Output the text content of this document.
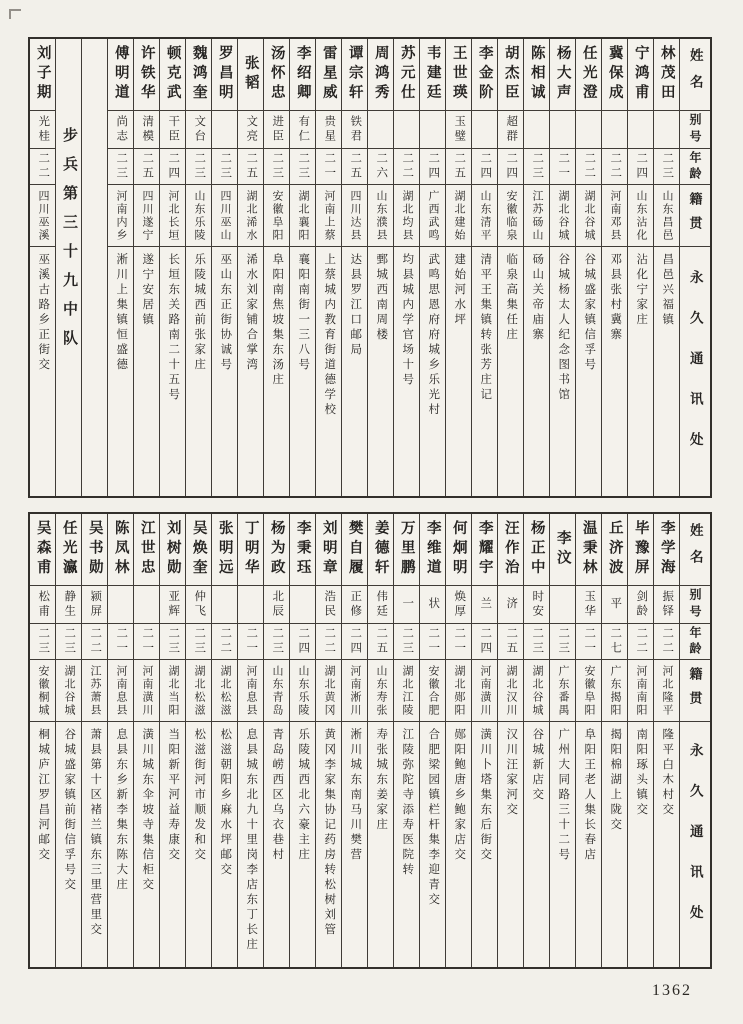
姓名
别号
年龄
籍贯
永久通讯处
林茂田
二三
山东昌邑
昌邑兴福镇
宁鸿甫
二四
山东沾化
沾化宁家庄
冀保成
二二
河南邓县
邓县张村冀寨
任光澄
二二
湖北谷城
谷城盛家镇信孚号
杨大声
二一
湖北谷城
谷城杨太人纪念图书馆
陈相诚
二三
江苏砀山
砀山关帝庙寨
胡杰臣
超群
二四
安徽临泉
临泉高集任庄
李金阶
二四
山东清平
清平王集镇转张芳庄记
王世瑛
玉璧
二五
湖北建始
建始河水坪
韦建廷
二四
广西武鸣
武鸣思恩府府城乡乐光村
苏元仕
二二
湖北均县
均县城内学官场十号
周鸿秀
二六
山东濮县
鄄城西南周楼
谭宗轩
铁君
二五
四川达县
达县罗江口邮局
雷星威
贵星
二一
河南上蔡
上蔡城内教育街道德学校
李绍卿
有仁
二三
湖北襄阳
襄阳南街一三八号
汤怀忠
进臣
二三
安徽阜阳
阜阳南焦坡集东汤庄
张韬
文亮
二五
湖北浠水
浠水刘家铺合掌湾
罗昌明
二三
四川巫山
巫山东正街协诚号
魏鸿奎
文台
二三
山东乐陵
乐陵城西前张家庄
顿克武
干臣
二四
河北长垣
长垣东关路南二十五号
许铁华
清模
二五
四川遂宁
遂宁安居镇
傅明道
尚志
二三
河南内乡
淅川上集镇恒盛德
步兵第三十九中队
刘子期
光桂
二二
四川巫溪
巫溪古路乡正街交
姓名
别号
年龄
籍贯
永久通讯处
李学海
振铎
二二
河北隆平
隆平白木村交
毕豫屏
剑龄
二二
河南南阳
南阳琢头镇交
丘济波
平
二七
广东揭阳
揭阳棉湖上陇交
温秉林
玉华
二一
安徽阜阳
阜阳王老人集长春店
李汶
二三
广东番禺
广州大同路三十二号
杨正中
时安
二三
湖北谷城
谷城新店交
汪作治
济
二五
湖北汉川
汉川汪家河交
李耀宇
兰
二四
河南潢川
潢川卜塔集东后街交
何炯明
焕厚
二一
湖北郧阳
郧阳鲍唐乡鲍家店交
李维道
状
二一
安徽合肥
合肥梁园镇栏杆集李迎青交
万里鹏
一
二三
湖北江陵
江陵弥陀寺添寿医院转
姜德轩
伟廷
二五
山东寿张
寿张城东姜家庄
樊自履
正修
二四
河南淅川
淅川城东南马川樊营
刘明章
浩民
二二
湖北黄冈
黄冈李家集协记药房转松树刘管
李秉珏
二四
山东乐陵
乐陵城西北六豪主庄
杨为政
北辰
二三
山东青岛
青岛崂西区乌衣巷村
丁明华
二一
河南息县
息县城东北九十里岗李店东丁长庄
张明远
二二
湖北松滋
松滋朝阳乡麻水坪邮交
吴焕奎
仲飞
二三
湖北松滋
松滋街河市顺发和交
刘树勋
亚辉
二三
湖北当阳
当阳新平河益寿康交
江世忠
二一
河南潢川
潢川城东伞坡寺集信柜交
陈凤林
二一
河南息县
息县东乡新李集东陈大庄
吴书勋
颍屏
二二
江苏萧县
萧县第十区褚兰镇东三里营里交
任光瀛
静生
二三
湖北谷城
谷城盛家镇前街信孚号交
吴森甫
松甫
二三
安徽桐城
桐城庐江罗昌河邮交
1362
